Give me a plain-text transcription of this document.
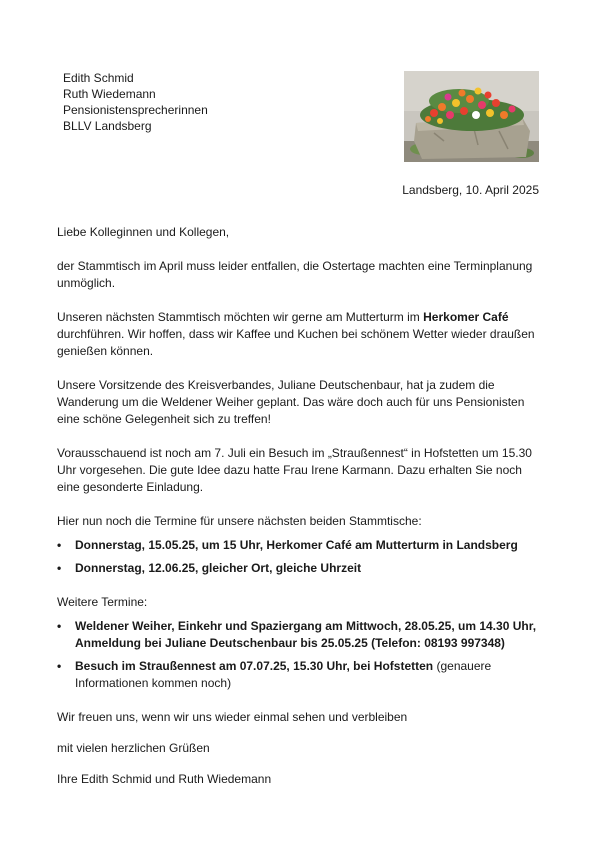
Edith Schmid
Ruth Wiedemann
Pensionistensprecherinnen
BLLV Landsberg
Landsberg, 10. April 2025

Liebe Kolleginnen und Kollegen,

der Stammtisch im April muss leider entfallen, die Ostertage machten eine Terminplanung unmöglich.

Unseren nächsten Stammtisch möchten wir gerne am Mutterturm im Herkomer Café durchführen. Wir hoffen, dass wir Kaffee und Kuchen bei schönem Wetter wieder draußen genießen können.

Unsere Vorsitzende des Kreisverbandes, Juliane Deutschenbaur, hat ja zudem die Wanderung um die Weldener Weiher geplant. Das wäre doch auch für uns Pensionisten eine schöne Gelegenheit sich zu treffen!

Vorausschauend ist noch am 7. Juli ein Besuch im „Straußennest“ in Hofstetten um 15.30 Uhr vorgesehen. Die gute Idee dazu hatte Frau Irene Karmann. Dazu erhalten Sie noch eine gesonderte Einladung.

Hier nun noch die Termine für unsere nächsten beiden Stammtische:

• Donnerstag, 15.05.25, um 15 Uhr, Herkomer Café am Mutterturm in Landsberg
• Donnerstag, 12.06.25, gleicher Ort, gleiche Uhrzeit

Weitere Termine:

• Weldener Weiher, Einkehr und Spaziergang am Mittwoch, 28.05.25, um 14.30 Uhr, Anmeldung bei Juliane Deutschenbaur bis 25.05.25 (Telefon: 08193 997348)
• Besuch im Straußennest am 07.07.25, 15.30 Uhr, bei Hofstetten (genauere Informationen kommen noch)

Wir freuen uns, wenn wir uns wieder einmal sehen und verbleiben

mit vielen herzlichen Grüßen

Ihre Edith Schmid und Ruth Wiedemann
